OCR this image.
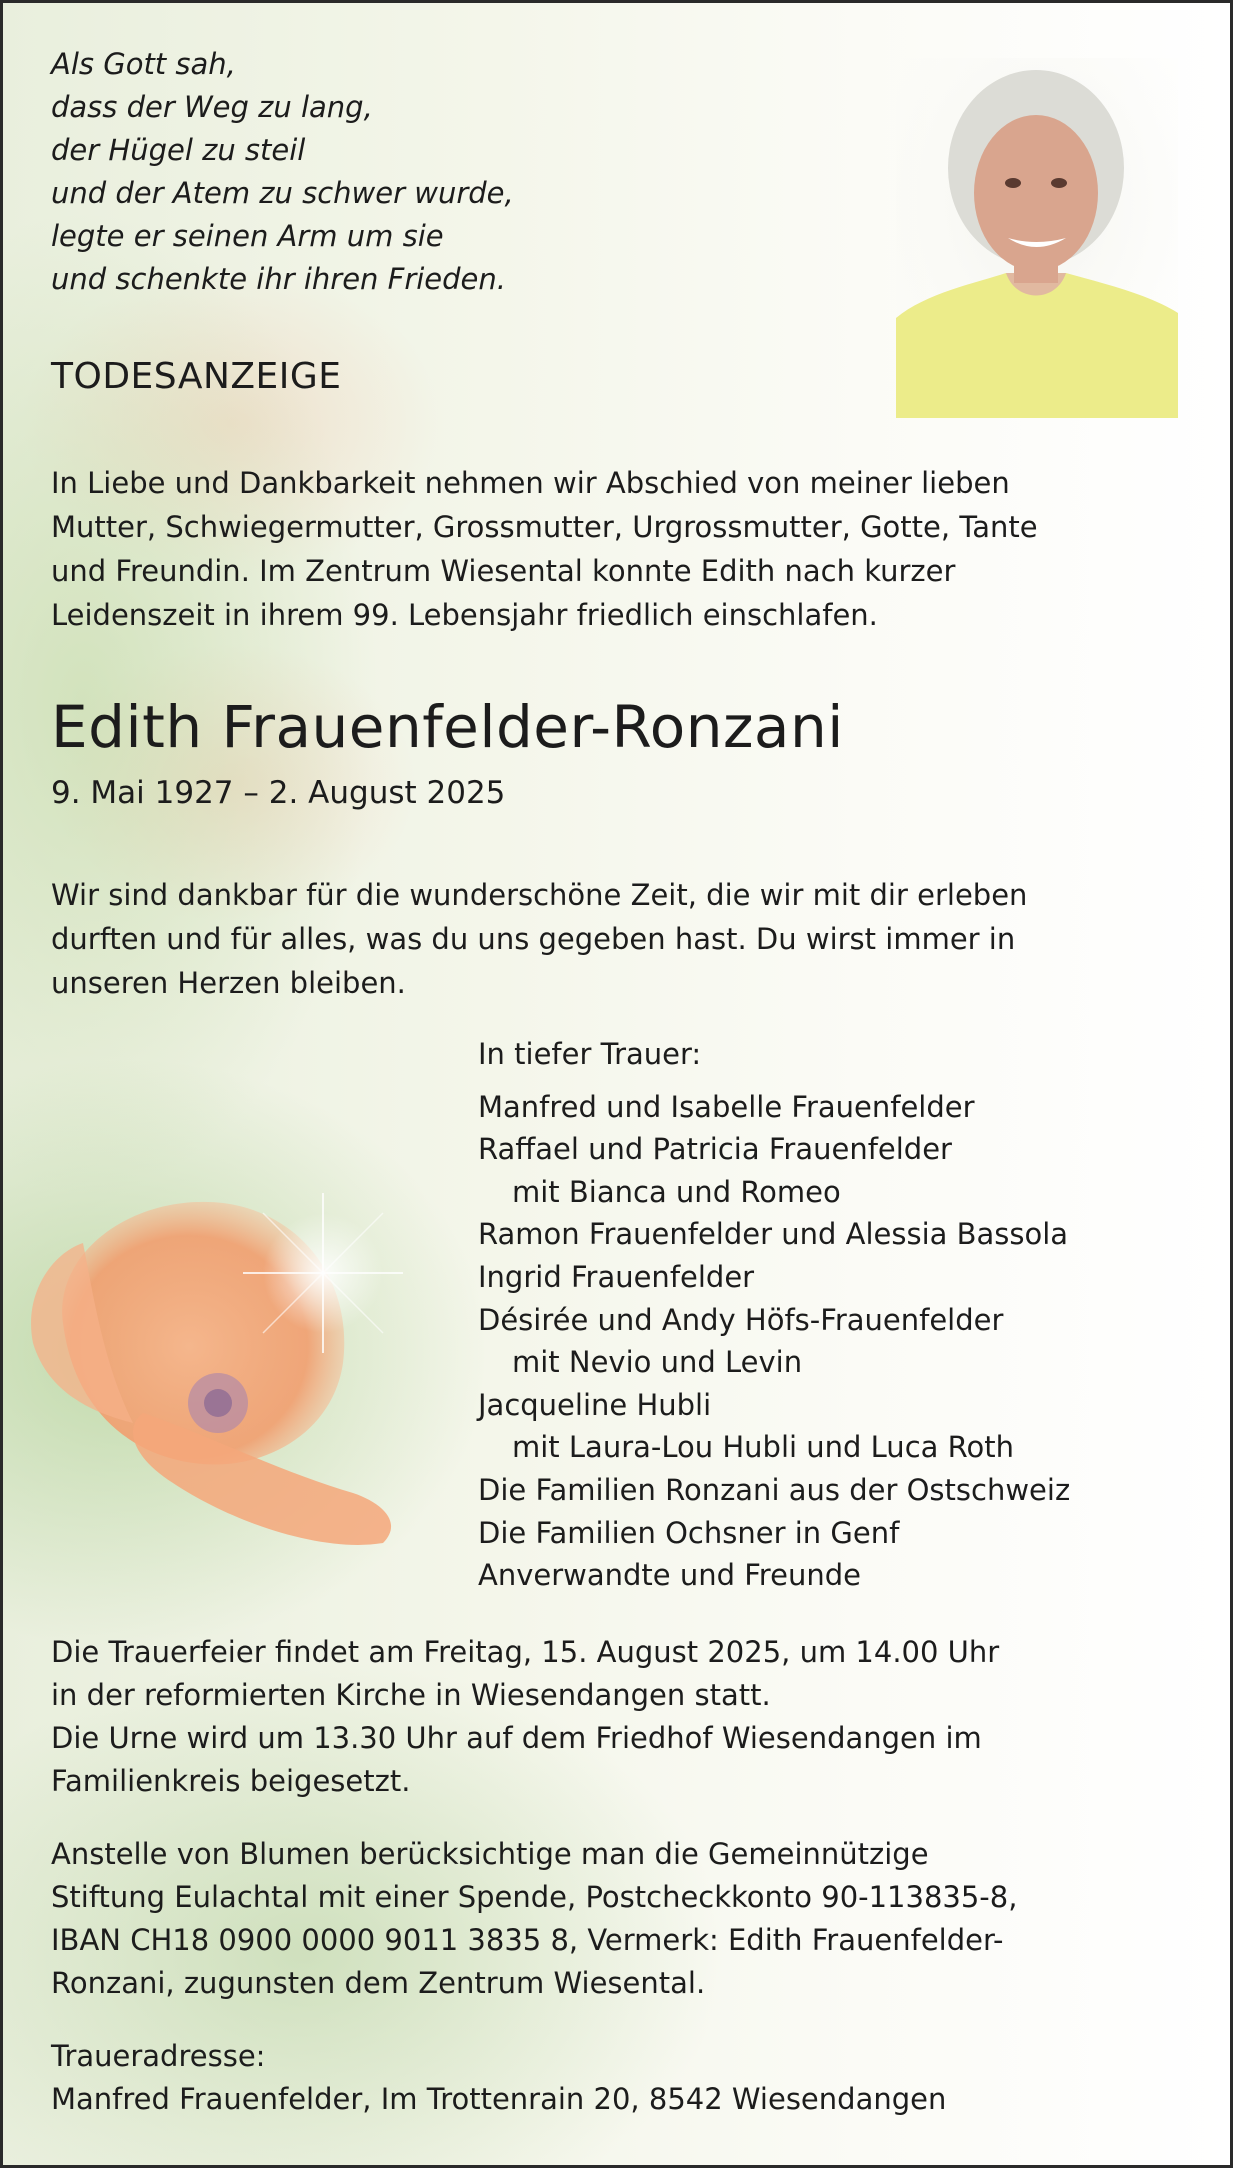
Als Gott sah,
dass der Weg zu lang,
der Hügel zu steil
und der Atem zu schwer wurde,
legte er seinen Arm um sie
und schenkte ihr ihren Frieden.
TODESANZEIGE
In Liebe und Dankbarkeit nehmen wir Abschied von meiner lieben
Mutter, Schwiegermutter, Grossmutter, Urgrossmutter, Gotte, Tante
und Freundin. Im Zentrum Wiesental konnte Edith nach kurzer
Leidenszeit in ihrem 99. Lebensjahr friedlich einschlafen.
Edith Frauenfelder-Ronzani
9. Mai 1927 – 2. August 2025
Wir sind dankbar für die wunderschöne Zeit, die wir mit dir erleben
durften und für alles, was du uns gegeben hast. Du wirst immer in
unseren Herzen bleiben.
In tiefer Trauer:
Manfred und Isabelle Frauenfelder
Raffael und Patricia Frauenfelder
mit Bianca und Romeo
Ramon Frauenfelder und Alessia Bassola
Ingrid Frauenfelder
Désirée und Andy Höfs-Frauenfelder
mit Nevio und Levin
Jacqueline Hubli
mit Laura-Lou Hubli und Luca Roth
Die Familien Ronzani aus der Ostschweiz
Die Familien Ochsner in Genf
Anverwandte und Freunde
Die Trauerfeier findet am Freitag, 15. August 2025, um 14.00 Uhr
in der reformierten Kirche in Wiesendangen statt.
Die Urne wird um 13.30 Uhr auf dem Friedhof Wiesendangen im
Familienkreis beigesetzt.
Anstelle von Blumen berücksichtige man die Gemeinnützige
Stiftung Eulachtal mit einer Spende, Postcheckkonto 90-113835-8,
IBAN CH18 0900 0000 9011 3835 8, Vermerk: Edith Frauenfelder-
Ronzani, zugunsten dem Zentrum Wiesental.
Traueradresse:
Manfred Frauenfelder, Im Trottenrain 20, 8542 Wiesendangen
